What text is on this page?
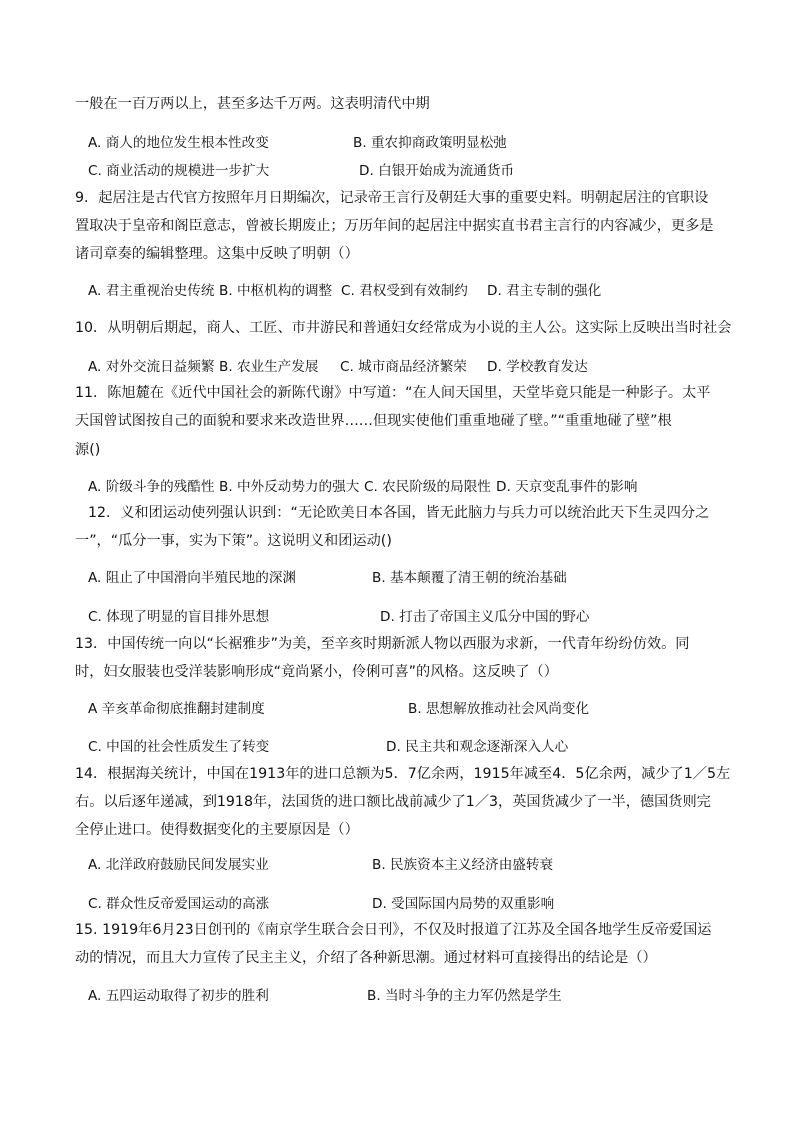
一般在一百万两以上，甚至多达千万两。这表明清代中期
A. 商人的地位发生根本性改变	B. 重农抑商政策明显松弛
C. 商业活动的规模进一步扩大	D. 白银开始成为流通货币
9．起居注是古代官方按照年月日期编次，记录帝王言行及朝廷大事的重要史料。明朝起居注的官职设
置取决于皇帝和阁臣意志，曾被长期废止；万历年间的起居注中据实直书君主言行的内容减少，更多是
诸司章奏的编辑整理。这集中反映了明朝（）
A. 君主重视治史传统 B. 中枢机构的调整 C. 君权受到有效制约 D. 君主专制的强化
10．从明朝后期起，商人、工匠、市井游民和普通妇女经常成为小说的主人公。这实际上反映出当时社会
A. 对外交流日益频繁 B. 农业生产发展 C. 城市商品经济繁荣 D. 学校教育发达
11．陈旭麓在《近代中国社会的新陈代谢》中写道：“在人间天国里，天堂毕竟只能是一种影子。太平
天国曾试图按自己的面貌和要求来改造世界……但现实使他们重重地碰了壁。”“重重地碰了壁”根
源()
A. 阶级斗争的残酷性 B. 中外反动势力的强大 C. 农民阶级的局限性 D. 天京变乱事件的影响
12．义和团运动使列强认识到：“无论欧美日本各国，皆无此脑力与兵力可以统治此天下生灵四分之
一”，“瓜分一事，实为下策”。这说明义和团运动()
A. 阻止了中国滑向半殖民地的深渊	B. 基本颠覆了清王朝的统治基础
C. 体现了明显的盲目排外思想	D. 打击了帝国主义瓜分中国的野心
13．中国传统一向以“长裾雅步”为美，至辛亥时期新派人物以西服为求新，一代青年纷纷仿效。同
时，妇女服装也受洋装影响形成“竟尚紧小，伶俐可喜”的风格。这反映了（）
A 辛亥革命彻底推翻封建制度	B. 思想解放推动社会风尚变化
C. 中国的社会性质发生了转变	D. 民主共和观念逐渐深入人心
14．根据海关统计，中国在1913年的进口总额为5．7亿余两，1915年减至4．5亿余两，减少了1／5左
右。以后逐年递减，到1918年，法国货的进口额比战前减少了1／3，英国货减少了一半，德国货则完
全停止进口。使得数据变化的主要原因是（）
A. 北洋政府鼓励民间发展实业	B. 民族资本主义经济由盛转衰
C. 群众性反帝爱国运动的高涨	D. 受国际国内局势的双重影响
15. 1919年6月23日创刊的《南京学生联合会日刊》，不仅及时报道了江苏及全国各地学生反帝爱国运
动的情况，而且大力宣传了民主主义，介绍了各种新思潮。通过材料可直接得出的结论是（）
A. 五四运动取得了初步的胜利	B. 当时斗争的主力军仍然是学生
